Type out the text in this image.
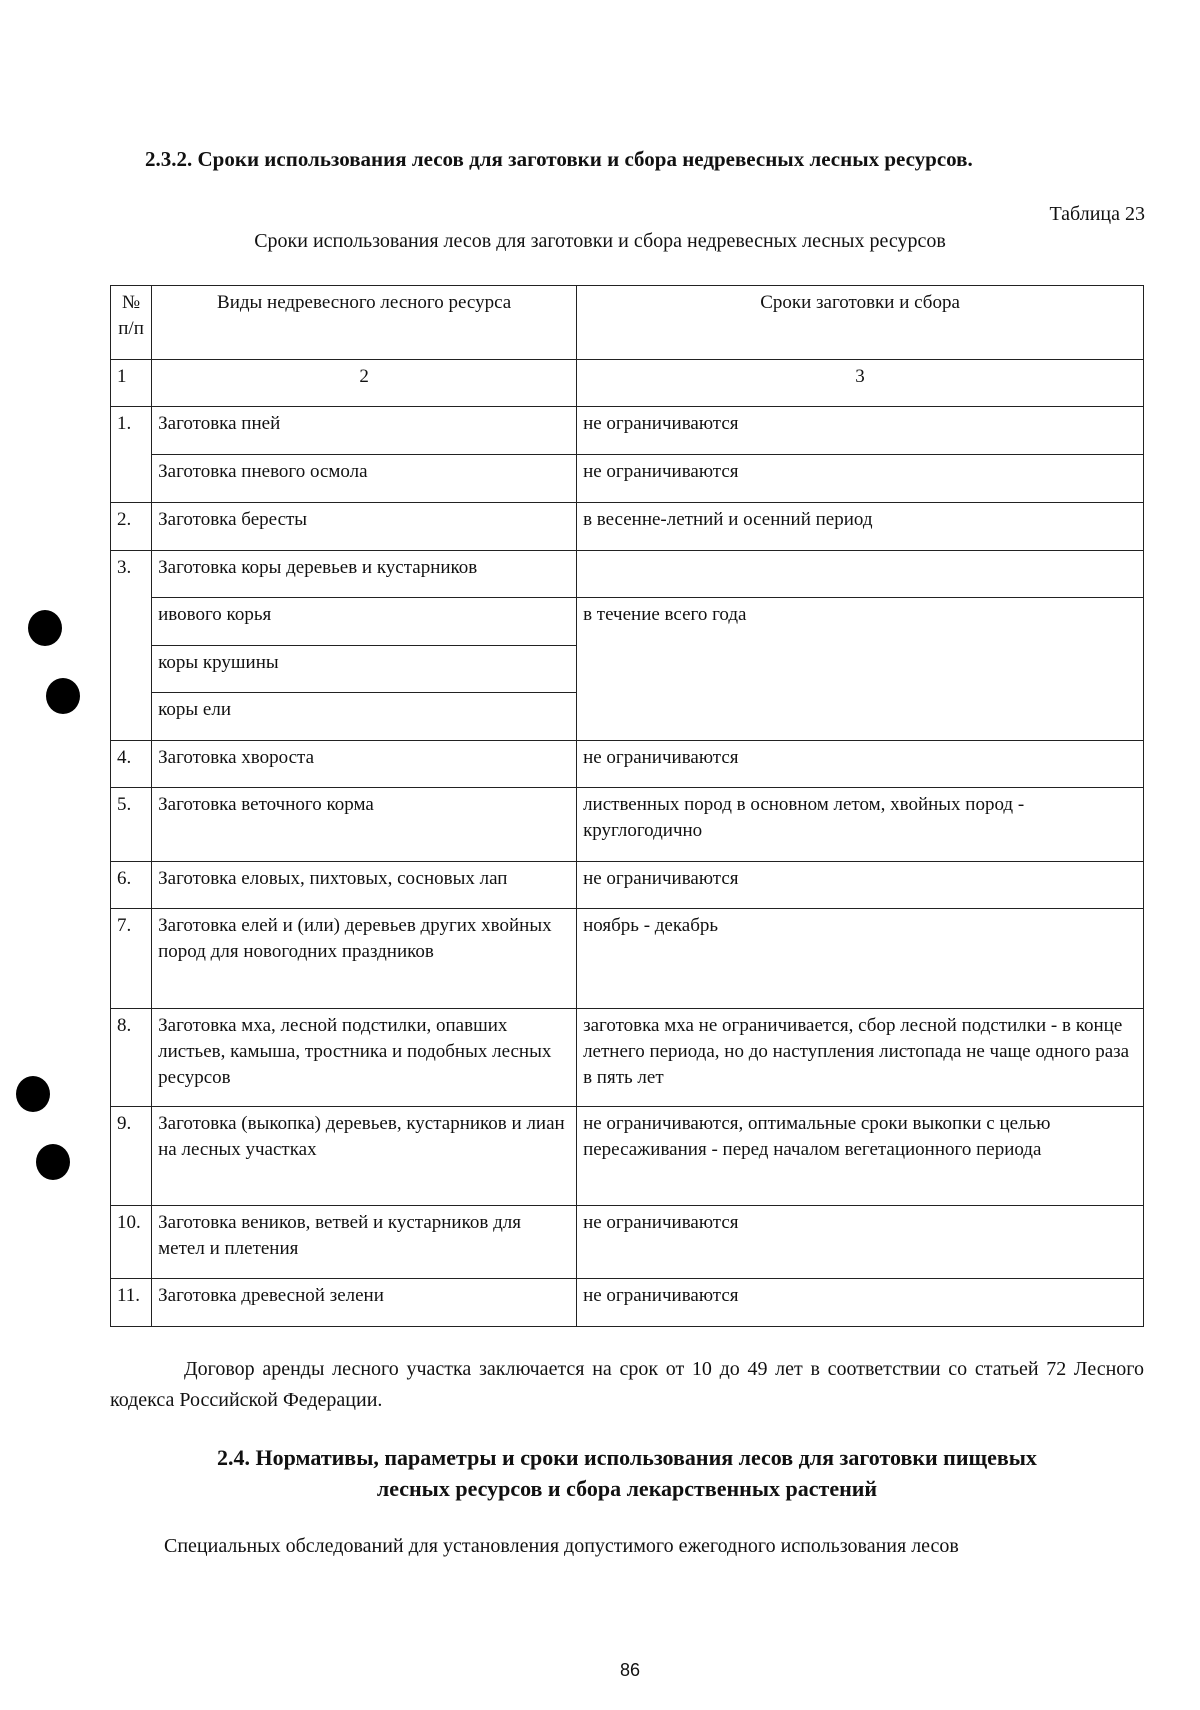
2.3.2. Сроки использования лесов для заготовки и сбора недревесных лесных ресурсов.
Таблица 23
Сроки использования лесов для заготовки и сбора недревесных лесных ресурсов
№ п/п	Виды недревесного лесного ресурса	Сроки заготовки и сбора
1	2	3
1.	Заготовка пней	не ограничиваются
	Заготовка пневого осмола	не ограничиваются
2.	Заготовка бересты	в весенне-летний и осенний период
3.	Заготовка коры деревьев и кустарников	
	ивового корья	в течение всего года
	коры крушины	
	коры ели	
4.	Заготовка хвороста	не ограничиваются
5.	Заготовка веточного корма	лиственных пород в основном летом, хвойных пород - круглогодично
6.	Заготовка еловых, пихтовых, сосновых лап	не ограничиваются
7.	Заготовка елей и (или) деревьев других хвойных пород для новогодних праздников	ноябрь - декабрь
8.	Заготовка мха, лесной подстилки, опавших листьев, камыша, тростника и подобных лесных ресурсов	заготовка мха не ограничивается, сбор лесной подстилки - в конце летнего периода, но до наступления листопада не чаще одного раза в пять лет
9.	Заготовка (выкопка) деревьев, кустарников и лиан на лесных участках	не ограничиваются, оптимальные сроки выкопки с целью пересаживания - перед началом вегетационного периода
10.	Заготовка веников, ветвей и кустарников для метел и плетения	не ограничиваются
11.	Заготовка древесной зелени	не ограничиваются
Договор аренды лесного участка заключается на срок от 10 до 49 лет в соответствии со статьей 72 Лесного кодекса Российской Федерации.
2.4. Нормативы, параметры и сроки использования лесов для заготовки пищевых
лесных ресурсов и сбора лекарственных растений
Специальных обследований для установления допустимого ежегодного использования лесов
86
